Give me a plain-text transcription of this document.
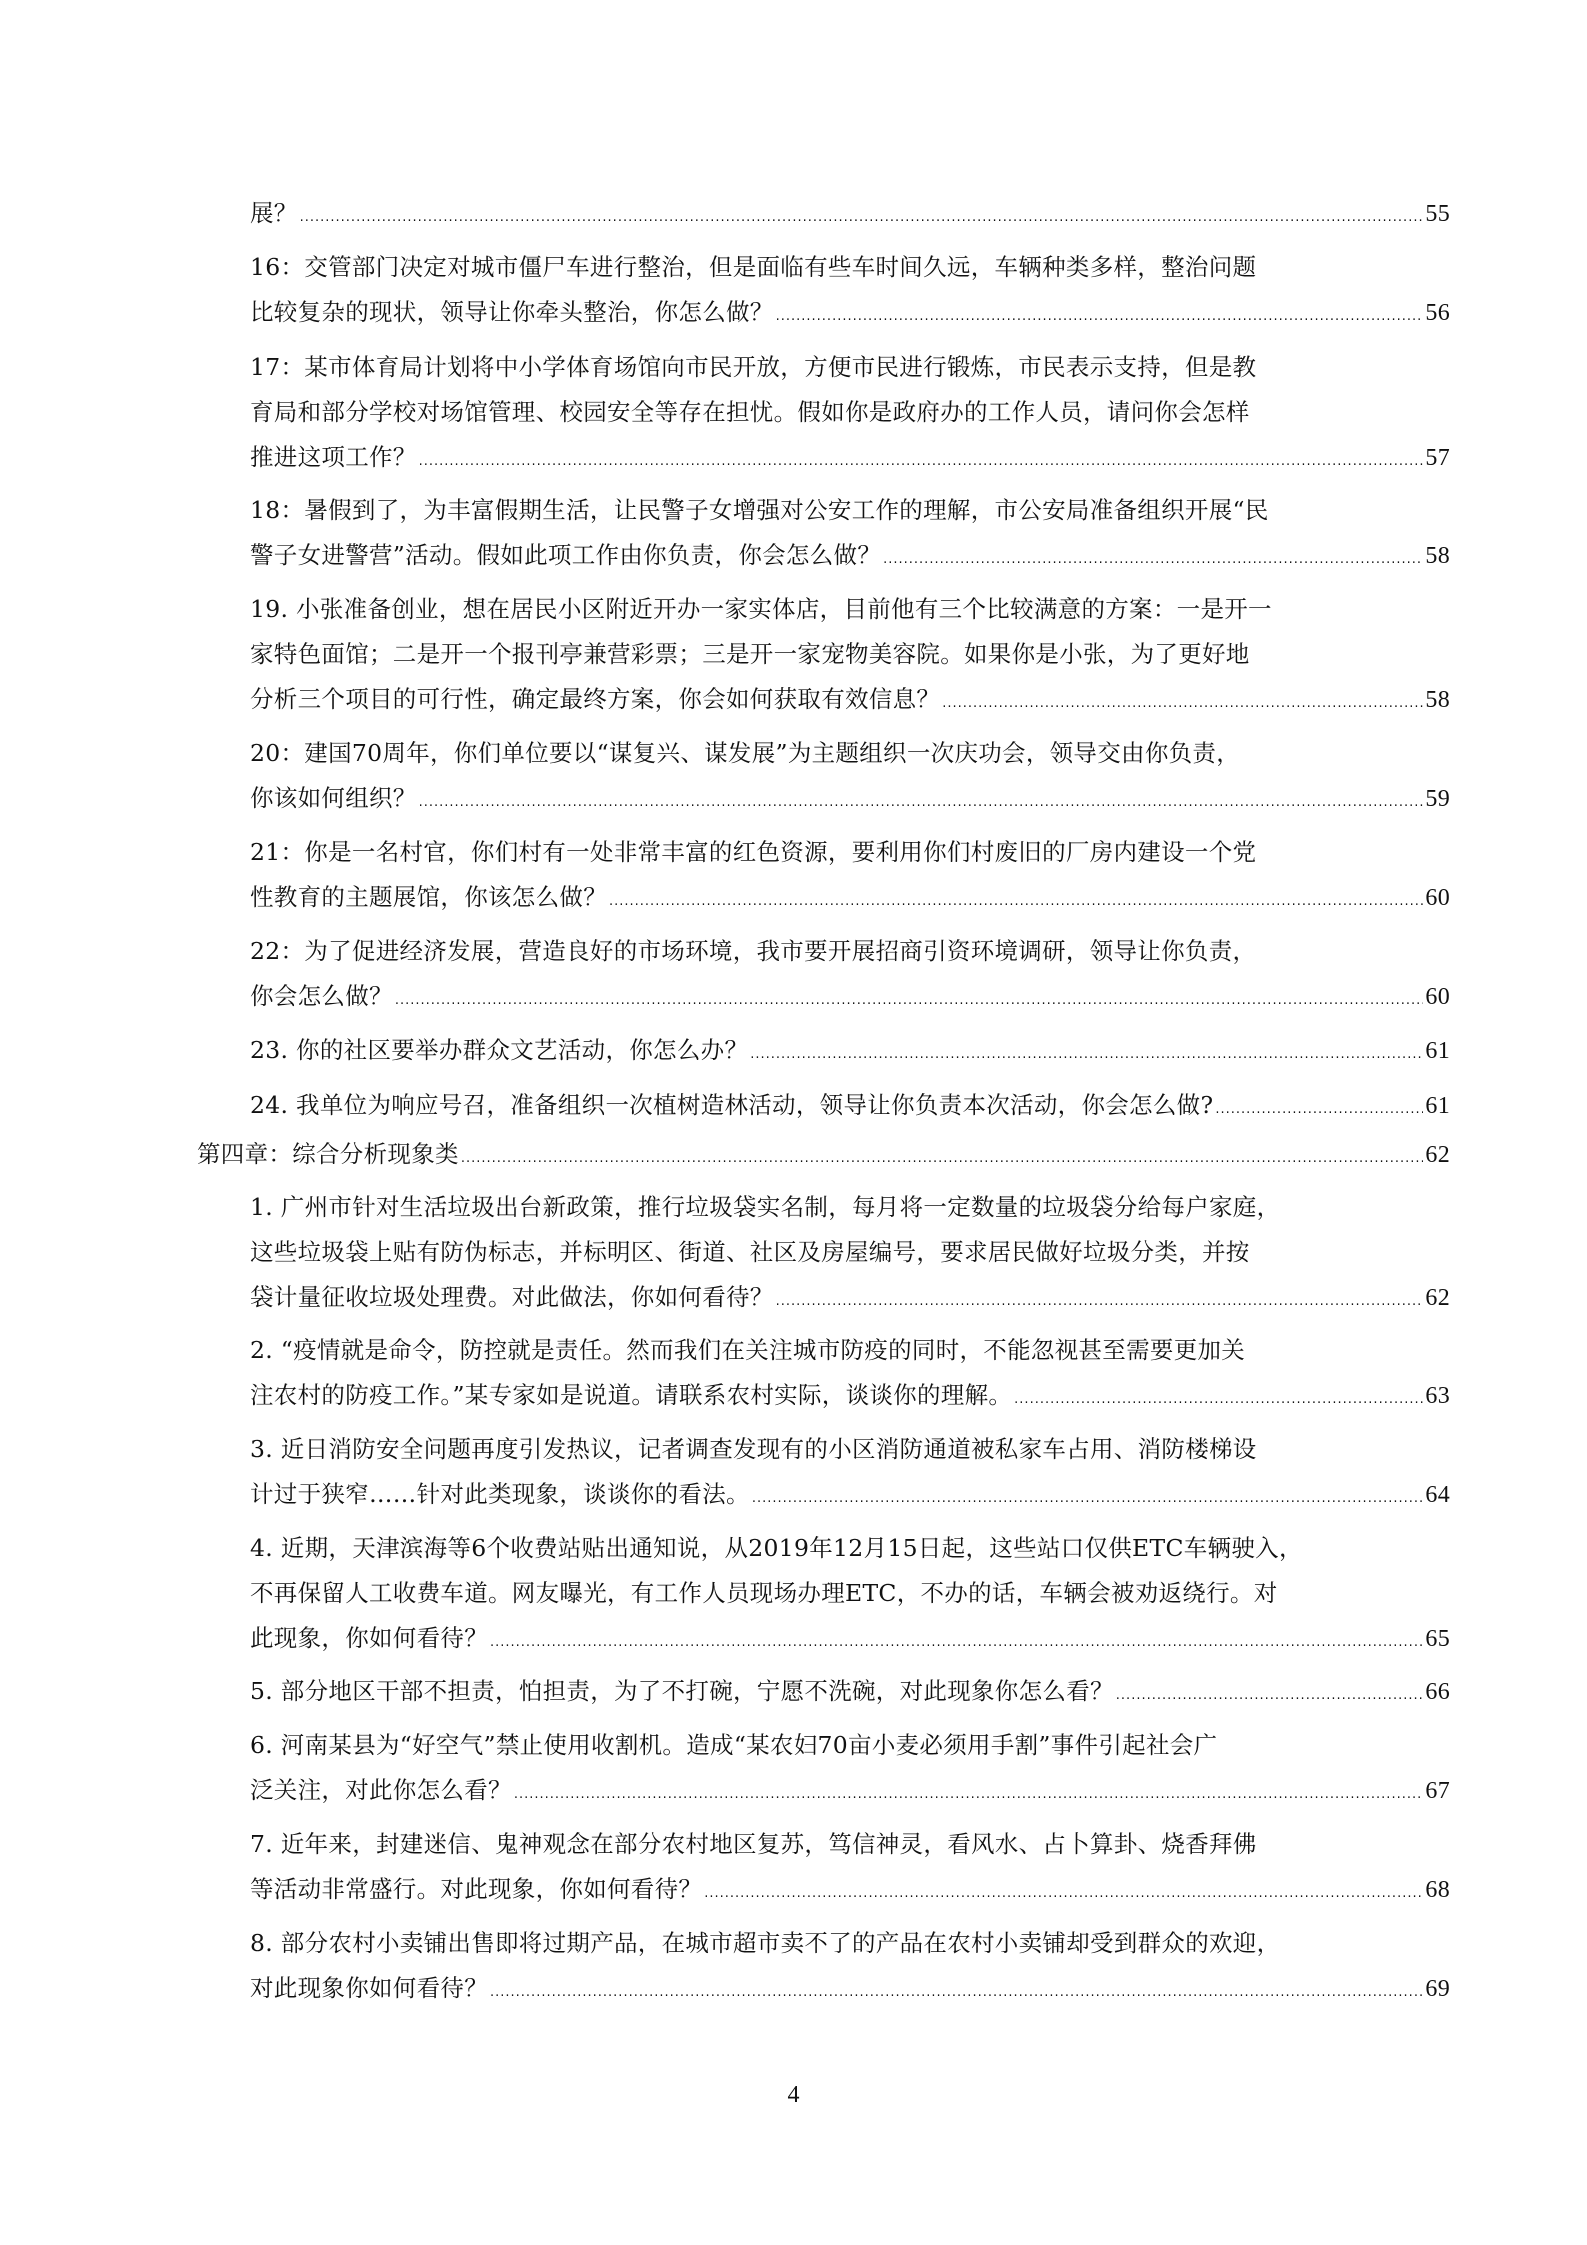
展？ .....	55
16：交管部门决定对城市僵尸车进行整治，但是面临有些车时间久远，车辆种类多样，整治问题
比较复杂的现状，领导让你牵头整治，你怎么做？ .....	56
17：某市体育局计划将中小学体育场馆向市民开放，方便市民进行锻炼，市民表示支持，但是教
育局和部分学校对场馆管理、校园安全等存在担忧。假如你是政府办的工作人员，请问你会怎样
推进这项工作？ .....	57
18：暑假到了，为丰富假期生活，让民警子女增强对公安工作的理解，市公安局准备组织开展“民
警子女进警营”活动。假如此项工作由你负责，你会怎么做？ .....	58
19. 小张准备创业，想在居民小区附近开办一家实体店，目前他有三个比较满意的方案：一是开一
家特色面馆；二是开一个报刊亭兼营彩票；三是开一家宠物美容院。如果你是小张，为了更好地
分析三个项目的可行性，确定最终方案，你会如何获取有效信息？ .....	58
20：建国70周年，你们单位要以“谋复兴、谋发展”为主题组织一次庆功会，领导交由你负责，
你该如何组织？ .....	59
21：你是一名村官，你们村有一处非常丰富的红色资源，要利用你们村废旧的厂房内建设一个党
性教育的主题展馆，你该怎么做？ .....	60
22：为了促进经济发展，营造良好的市场环境，我市要开展招商引资环境调研，领导让你负责，
你会怎么做？ .....	60
23. 你的社区要举办群众文艺活动，你怎么办？ .....	61
24. 我单位为响应号召，准备组织一次植树造林活动，领导让你负责本次活动，你会怎么做? .....	61
第四章：综合分析现象类 .....	62
1. 广州市针对生活垃圾出台新政策，推行垃圾袋实名制，每月将一定数量的垃圾袋分给每户家庭，
这些垃圾袋上贴有防伪标志，并标明区、街道、社区及房屋编号，要求居民做好垃圾分类，并按
袋计量征收垃圾处理费。对此做法，你如何看待？ .....	62
2. “疫情就是命令，防控就是责任。然而我们在关注城市防疫的同时，不能忽视甚至需要更加关
注农村的防疫工作。”某专家如是说道。请联系农村实际，谈谈你的理解。 .....	63
3. 近日消防安全问题再度引发热议，记者调查发现有的小区消防通道被私家车占用、消防楼梯设
计过于狭窄……针对此类现象，谈谈你的看法。 .....	64
4. 近期，天津滨海等6个收费站贴出通知说，从2019年12月15日起，这些站口仅供ETC车辆驶入，
不再保留人工收费车道。网友曝光，有工作人员现场办理ETC，不办的话，车辆会被劝返绕行。对
此现象，你如何看待？ .....	65
5. 部分地区干部不担责，怕担责，为了不打碗，宁愿不洗碗，对此现象你怎么看？ .....	66
6. 河南某县为“好空气”禁止使用收割机。造成“某农妇70亩小麦必须用手割”事件引起社会广
泛关注，对此你怎么看？ .....	67
7. 近年来，封建迷信、鬼神观念在部分农村地区复苏，笃信神灵，看风水、占卜算卦、烧香拜佛
等活动非常盛行。对此现象，你如何看待？ .....	68
8. 部分农村小卖铺出售即将过期产品，在城市超市卖不了的产品在农村小卖铺却受到群众的欢迎，
对此现象你如何看待？ .....	69
4
